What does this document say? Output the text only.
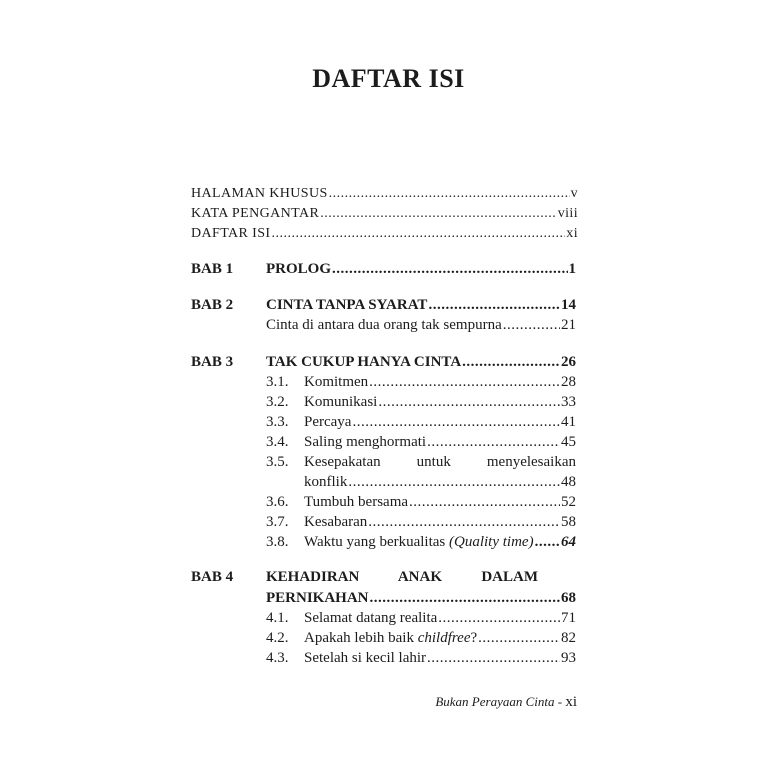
DAFTAR ISI
HALAMAN KHUSUS .....	v
KATA PENGANTAR .....	viii
DAFTAR ISI .....	xi
BAB 1 PROLOG .....	1
BAB 2 CINTA TANPA SYARAT .....	14
Cinta di antara dua orang tak sempurna .....	21
BAB 3 TAK CUKUP HANYA CINTA .....	26
3.1.	Komitmen .....	28
3.2.	Komunikasi .....	33
3.3.	Percaya .....	41
3.4.	Saling menghormati .....	45
3.5. Kesepakatan untuk menyelesaikan
konflik .....	48
3.6.	Tumbuh bersama .....	52
3.7.	Kesabaran .....	58
3.8.	Waktu yang berkualitas (Quality time) ..... 64
BAB 4 KEHADIRAN ANAK DALAM
PERNIKAHAN .....	68
4.1.	Selamat datang realita .....	71
4.2.	Apakah lebih baik childfree? .....	82
4.3.	Setelah si kecil lahir .....	93
Bukan Perayaan Cinta - xi
